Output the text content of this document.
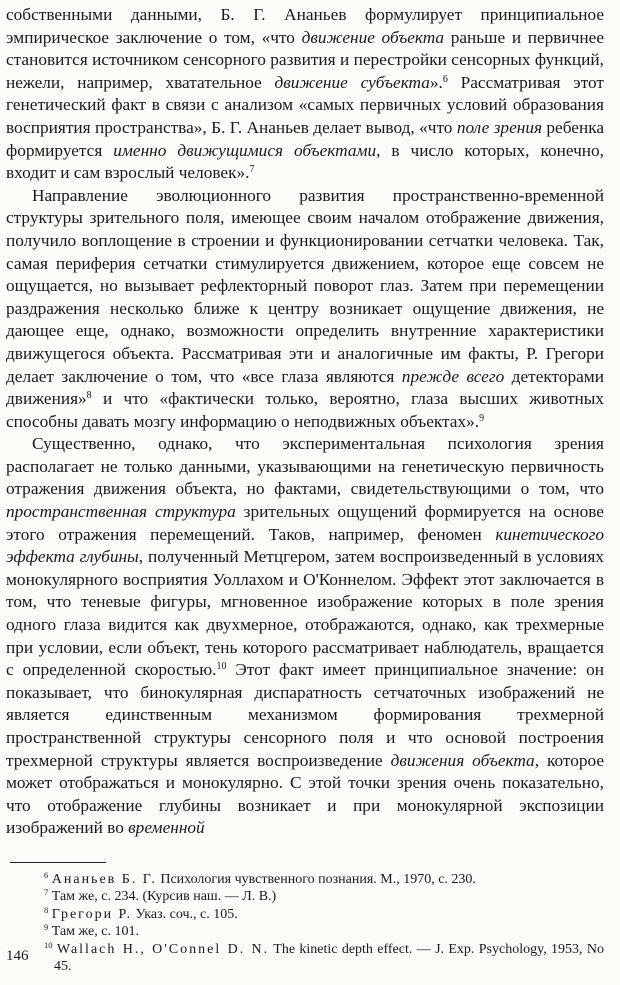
собственными данными, Б. Г. Ананьев формулирует принципиальное эмпирическое заключение о том, «что движение объекта раньше и первичнее становится источником сенсорного развития и перестройки сенсорных функций, нежели, например, хватательное движение субъекта».$^6$ Рассматривая этот генетический факт в связи с анализом «самых первичных условий образования восприятия пространства», Б. Г. Ананьев делает вывод, «что поле зрения ребенка формируется именно движущимися объектами, в число которых, конечно, входит и сам взрослый человек».$^7$

Направление эволюционного развития пространственно-временной структуры зрительного поля, имеющее своим началом отображение движения, получило воплощение в строении и функционировании сетчатки человека. Так, самая периферия сетчатки стимулируется движением, которое еще совсем не ощущается, но вызывает рефлекторный поворот глаз. Затем при перемещении раздражения несколько ближе к центру возникает ощущение движения, не дающее еще, однако, возможности определить внутренние характеристики движущегося объекта. Рассматривая эти и аналогичные им факты, Р. Грегори делает заключение о том, что «все глаза являются прежде всего детекторами движения»$^8$ и что «фактически только, вероятно, глаза высших животных способны давать мозгу информацию о неподвижных объектах».$^9$

Существенно, однако, что экспериментальная психология зрения располагает не только данными, указывающими на генетическую первичность отражения движения объекта, но фактами, свидетельствующими о том, что пространственная структура зрительных ощущений формируется на основе этого отражения перемещений. Таков, например, феномен кинетического эффекта глубины, полученный Метцгером, затем воспроизведенный в условиях монокулярного восприятия Уоллахом и О'Коннелом. Эффект этот заключается в том, что теневые фигуры, мгновенное изображение которых в поле зрения одного глаза видится как двухмерное, отображаются, однако, как трехмерные при условии, если объект, тень которого рассматривает наблюдатель, вращается с определенной скоростью.$^{10}$ Этот факт имеет принципиальное значение: он показывает, что бинокулярная диспаратность сетчаточных изображений не является единственным механизмом формирования трехмерной пространственной структуры сенсорного поля и что основой построения трехмерной структуры является воспроизведение движения объекта, которое может отображаться и монокулярно. С этой точки зрения очень показательно, что отображение глубины возникает и при монокулярной экспозиции изображений во временной

$^6$ Ананьев Б. Г. Психология чувственного познания. М., 1970, с. 230.
$^7$ Там же, с. 234. (Курсив наш. — Л. В.)
$^8$ Грегори Р. Указ. соч., с. 105.
$^9$ Там же, с. 101.
$^{10}$ Wallach H., O'Connel D. N. The kinetic depth effect. — J. Exp. Psychology, 1953, No 45.
146
